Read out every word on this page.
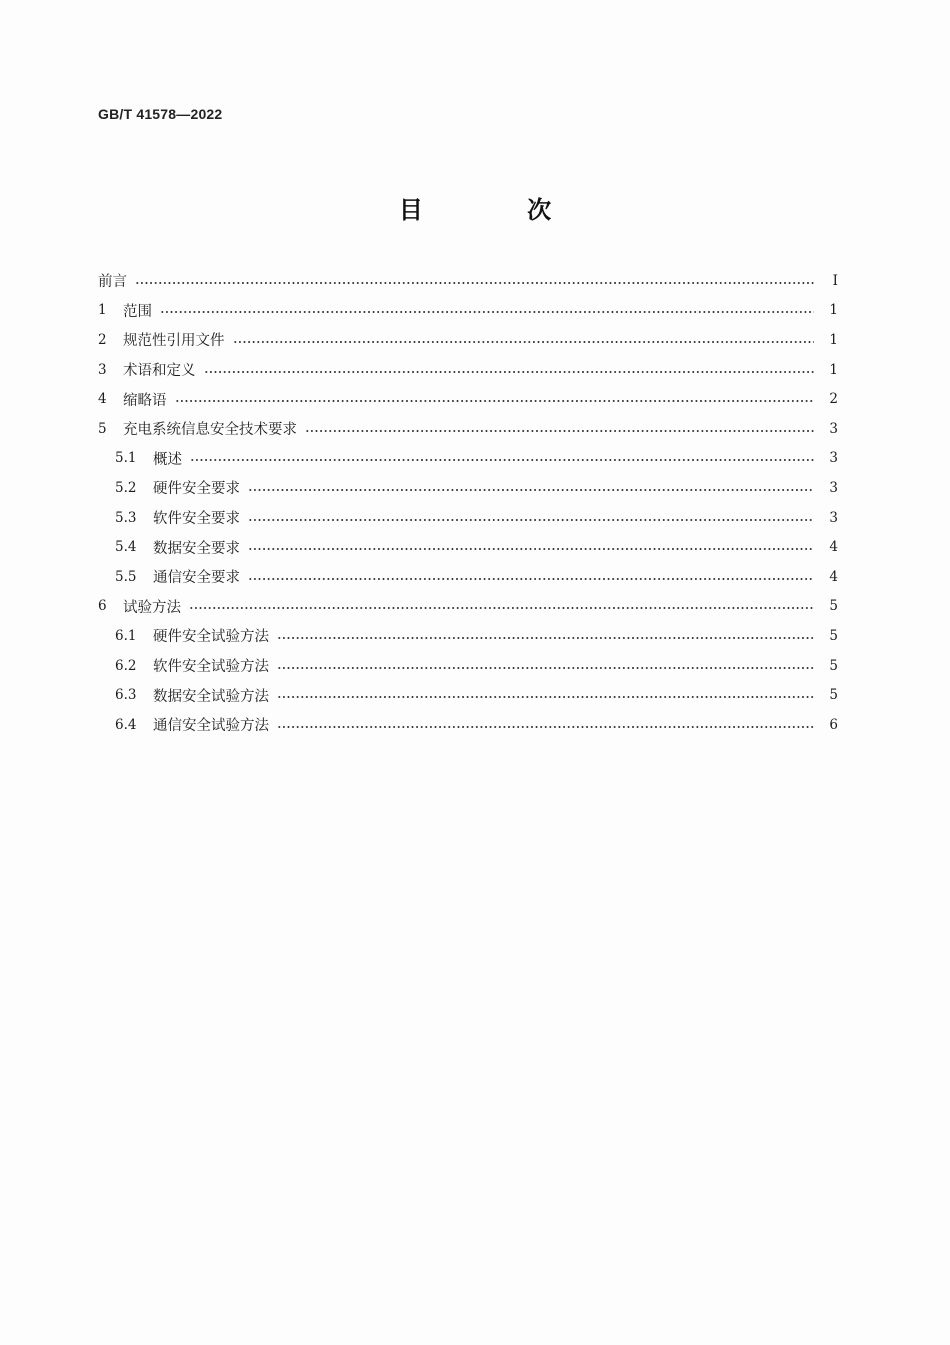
GB/T 41578—2022
目 次
前言	Ⅰ
1	范围	1
2	规范性引用文件	1
3	术语和定义	1
4	缩略语	2
5	充电系统信息安全技术要求	3
5.1	概述	3
5.2	硬件安全要求	3
5.3	软件安全要求	3
5.4	数据安全要求	4
5.5	通信安全要求	4
6	试验方法	5
6.1	硬件安全试验方法	5
6.2	软件安全试验方法	5
6.3	数据安全试验方法	5
6.4	通信安全试验方法	6
